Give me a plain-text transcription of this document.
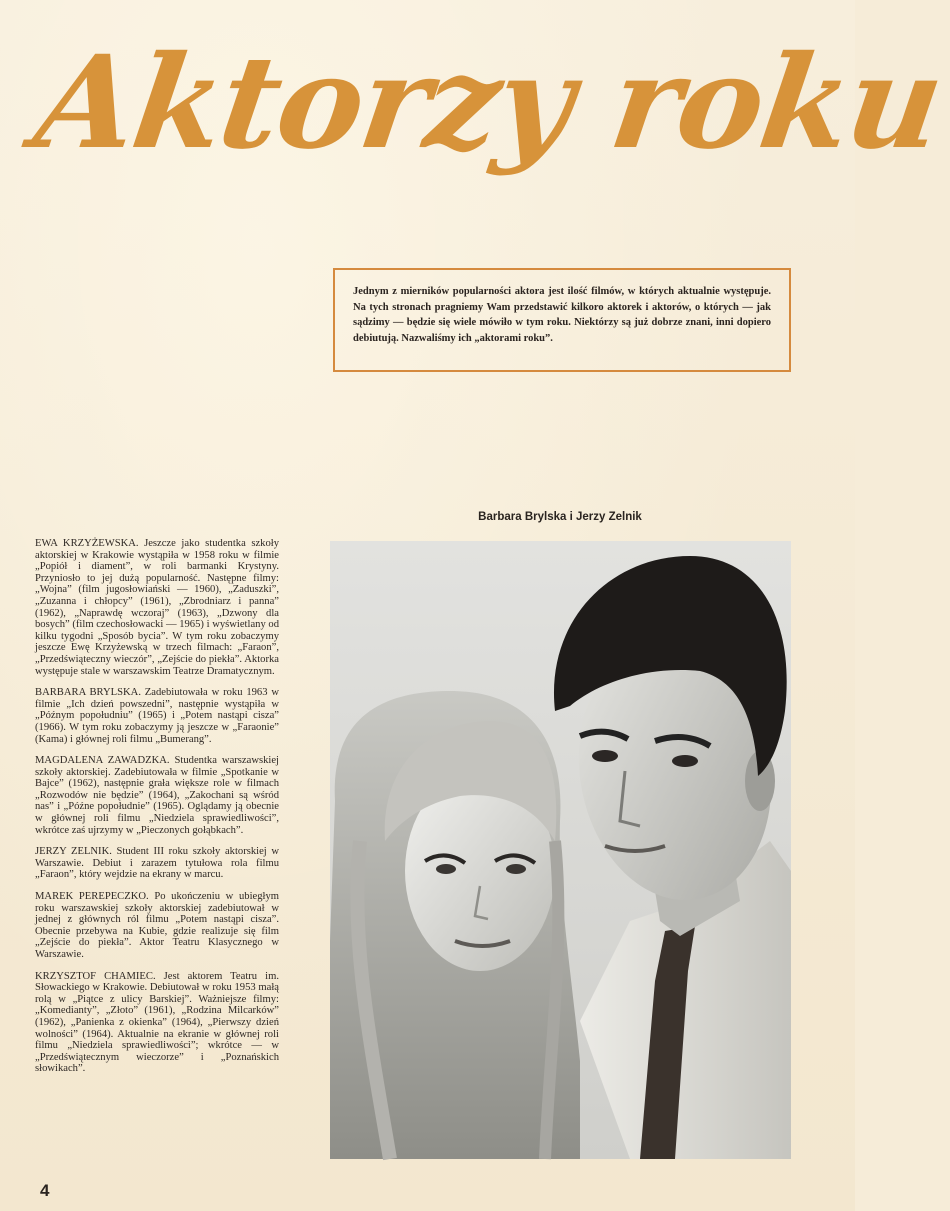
Aktorzy roku
Jednym z mierników popularności aktora jest ilość filmów, w których aktualnie występuje. Na tych stronach pragniemy Wam przedstawić kilkoro aktorek i aktorów, o których — jak sądzimy — będzie się wiele mówiło w tym roku. Niektórzy są już dobrze znani, inni dopiero debiutują. Nazwaliśmy ich „aktorami roku”.
Barbara Brylska i Jerzy Zelnik

EWA KRZYŻEWSKA. Jeszcze jako studentka szkoły aktorskiej w Krakowie wystąpiła w 1958 roku w filmie „Popiół i diament”, w roli barmanki Krystyny. Przyniosło to jej dużą popularność. Następne filmy: „Wojna” (film jugosłowiański — 1960), „Zaduszki”, „Zuzanna i chłopcy” (1961), „Zbrodniarz i panna” (1962), „Naprawdę wczoraj” (1963), „Dzwony dla bosych” (film czechosłowacki — 1965) i wyświetlany od kilku tygodni „Sposób bycia”. W tym roku zobaczymy jeszcze Ewę Krzyżewską w trzech filmach: „Faraon”, „Przedświąteczny wieczór”, „Zejście do piekła”. Aktorka występuje stale w warszawskim Teatrze Dramatycznym.

BARBARA BRYLSKA. Zadebiutowała w roku 1963 w filmie „Ich dzień powszedni”, następnie wystąpiła w „Późnym popołudniu” (1965) i „Potem nastąpi cisza” (1966). W tym roku zobaczymy ją jeszcze w „Faraonie” (Kama) i głównej roli filmu „Bumerang”.

MAGDALENA ZAWADZKA. Studentka warszawskiej szkoły aktorskiej. Zadebiutowała w filmie „Spotkanie w Bajce” (1962), następnie grała większe role w filmach „Rozwodów nie będzie” (1964), „Zakochani są wśród nas” i „Późne popołudnie” (1965). Oglądamy ją obecnie w głównej roli filmu „Niedziela sprawiedliwości”, wkrótce zaś ujrzymy w „Pieczonych gołąbkach”.

JERZY ZELNIK. Student III roku szkoły aktorskiej w Warszawie. Debiut i zarazem tytułowa rola filmu „Faraon”, który wejdzie na ekrany w marcu.

MAREK PEREPECZKO. Po ukończeniu w ubiegłym roku warszawskiej szkoły aktorskiej zadebiutował w jednej z głównych ról filmu „Potem nastąpi cisza”. Obecnie przebywa na Kubie, gdzie realizuje się film „Zejście do piekła”. Aktor Teatru Klasycznego w Warszawie.

KRZYSZTOF CHAMIEC. Jest aktorem Teatru im. Słowackiego w Krakowie. Debiutował w roku 1953 małą rolą w „Piątce z ulicy Barskiej”. Ważniejsze filmy: „Komedianty”, „Złoto” (1961), „Rodzina Milcarków” (1962), „Panienka z okienka” (1964), „Pierwszy dzień wolności” (1964). Aktualnie na ekranie w głównej roli filmu „Niedziela sprawiedliwości”; wkrótce — w „Przedświątecznym wieczorze” i „Poznańskich słowikach”.

4
